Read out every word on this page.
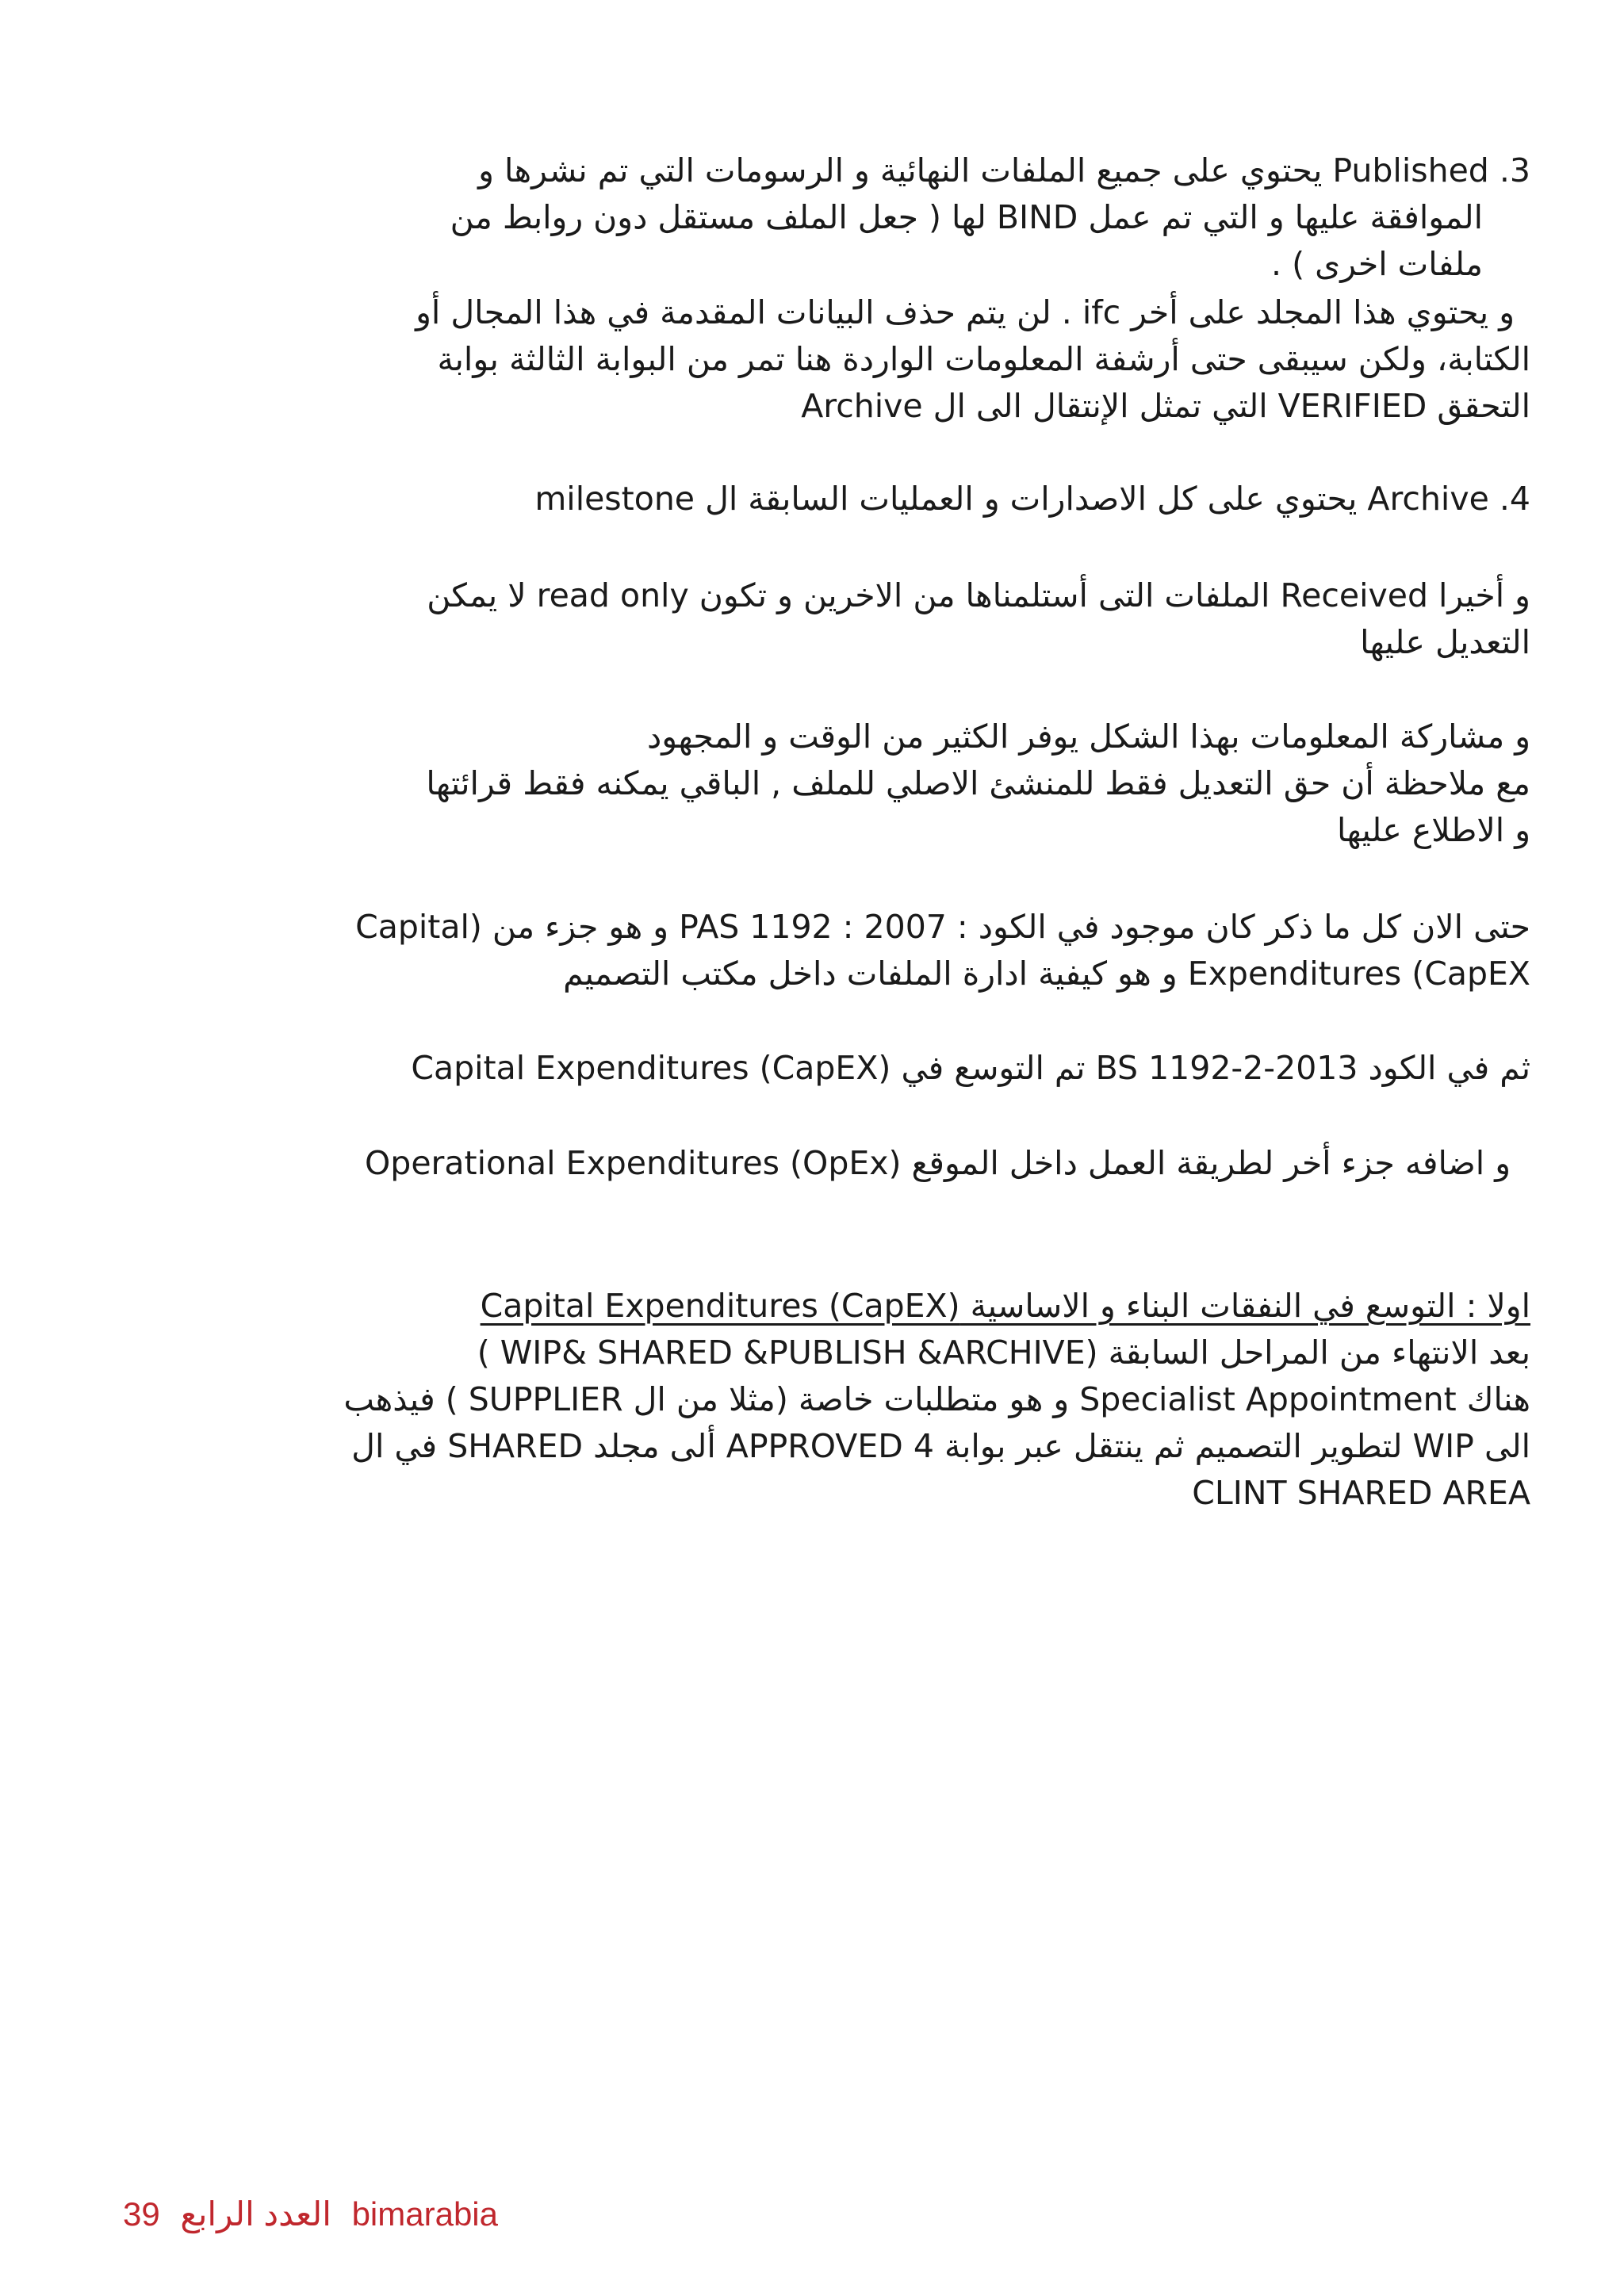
3. Published يحتوي على جميع الملفات النهائية و الرسومات التي تم نشرها و
الموافقة عليها و التي تم عمل BIND لها ( جعل الملف مستقل دون روابط من
ملفات اخرى ) .
و يحتوي هذا المجلد على أخر ifc . لن يتم حذف البيانات المقدمة في هذا المجال أو
الكتابة، ولكن سيبقى حتى أرشفة المعلومات الواردة هنا تمر من البوابة الثالثة بوابة
التحقق VERIFIED التي تمثل الإنتقال الى ال Archive
4. Archive يحتوي على كل الاصدارات و العمليات السابقة ال milestone
و أخيرا Received الملفات التى أستلمناها من الاخرين و تكون read only لا يمكن
التعديل عليها
و مشاركة المعلومات بهذا الشكل يوفر الكثير من الوقت و المجهود
مع ملاحظة أن حق التعديل فقط للمنشئ الاصلي للملف , الباقي يمكنه فقط قرائتها
و الاطلاع عليها
حتى الان كل ما ذكر كان موجود في الكود : PAS 1192 : 2007 و هو جزء من (Capital
Expenditures (CapEX و هو كيفية ادارة الملفات داخل مكتب التصميم
ثم في الكود BS 1192-2-2013 تم التوسع في Capital Expenditures (CapEX)
و اضافه جزء أخر لطريقة العمل داخل الموقع (Operational Expenditures (OpEx
اولا : التوسع في النفقات البناء و الاساسية Capital Expenditures (CapEX)
بعد الانتهاء من المراحل السابقة (WIP& SHARED &PUBLISH &ARCHIVE )
هناك Specialist Appointment و هو متطلبات خاصة (مثلا من ال SUPPLIER ) فيذهب
الى WIP لتطوير التصميم ثم ينتقل عبر بوابة APPROVED 4 ألى مجلد SHARED في ال
CLINT SHARED AREA
39 العدد الرابع bimarabia
